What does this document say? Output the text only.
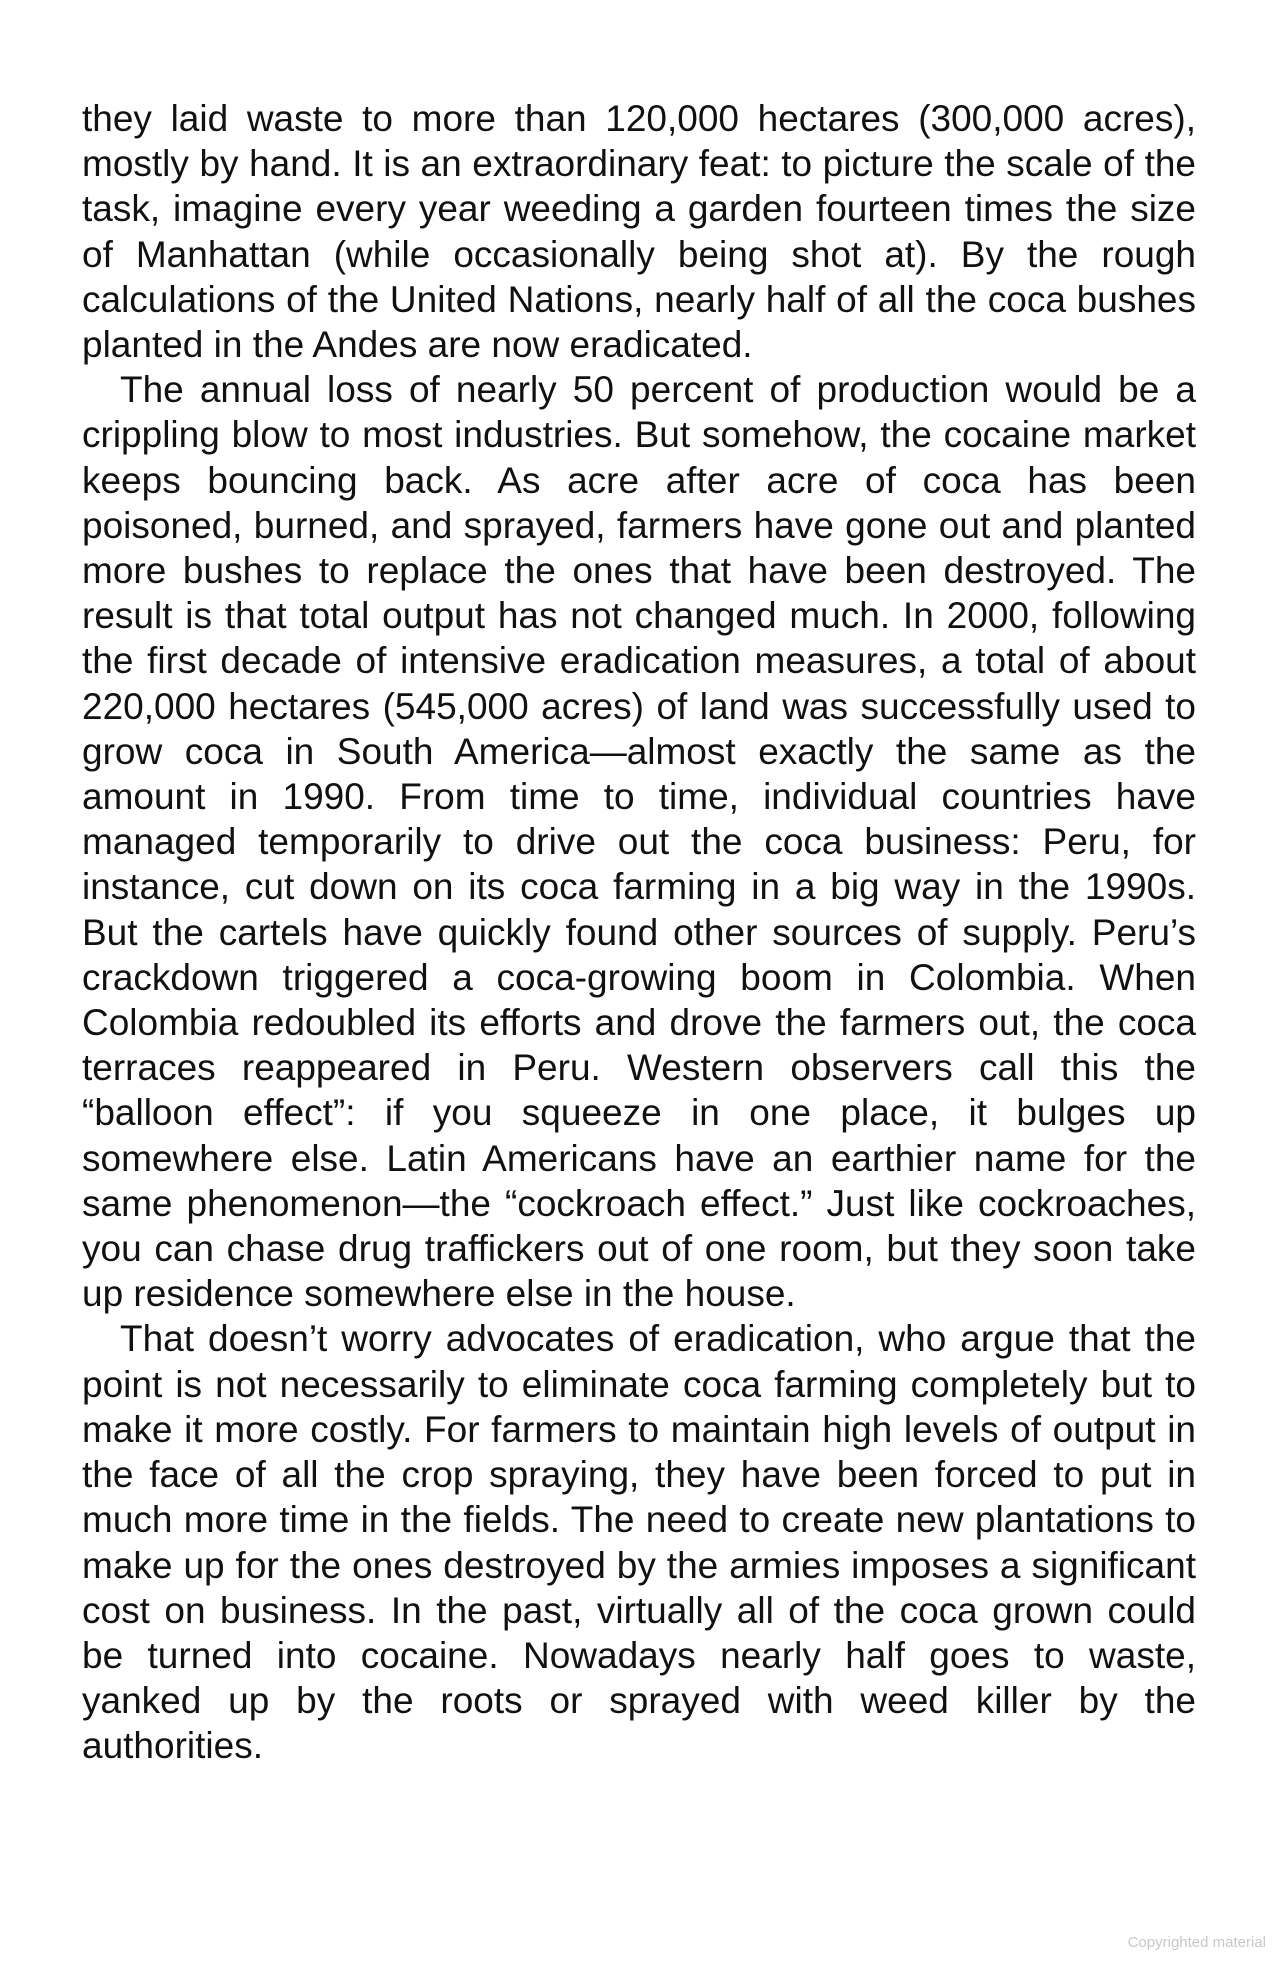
they laid waste to more than 120,000 hectares (300,000 acres), mostly by hand. It is an extraordinary feat: to picture the scale of the task, imagine every year weeding a garden fourteen times the size of Manhattan (while occasionally being shot at). By the rough calculations of the United Nations, nearly half of all the coca bushes planted in the Andes are now eradicated.

The annual loss of nearly 50 percent of production would be a crippling blow to most industries. But somehow, the cocaine market keeps bouncing back. As acre after acre of coca has been poisoned, burned, and sprayed, farmers have gone out and planted more bushes to replace the ones that have been destroyed. The result is that total output has not changed much. In 2000, following the first decade of intensive eradication measures, a total of about 220,000 hectares (545,000 acres) of land was successfully used to grow coca in South America—almost exactly the same as the amount in 1990. From time to time, individual countries have managed temporarily to drive out the coca business: Peru, for instance, cut down on its coca farming in a big way in the 1990s. But the cartels have quickly found other sources of supply. Peru’s crackdown triggered a coca-growing boom in Colombia. When Colombia redoubled its efforts and drove the farmers out, the coca terraces reappeared in Peru. Western observers call this the “balloon effect”: if you squeeze in one place, it bulges up somewhere else. Latin Americans have an earthier name for the same phenomenon—the “cockroach effect.” Just like cockroaches, you can chase drug traffickers out of one room, but they soon take up residence somewhere else in the house.

That doesn’t worry advocates of eradication, who argue that the point is not necessarily to eliminate coca farming completely but to make it more costly. For farmers to maintain high levels of output in the face of all the crop spraying, they have been forced to put in much more time in the fields. The need to create new plantations to make up for the ones destroyed by the armies imposes a significant cost on business. In the past, virtually all of the coca grown could be turned into cocaine. Nowadays nearly half goes to waste, yanked up by the roots or sprayed with weed killer by the authorities.

Copyrighted material
